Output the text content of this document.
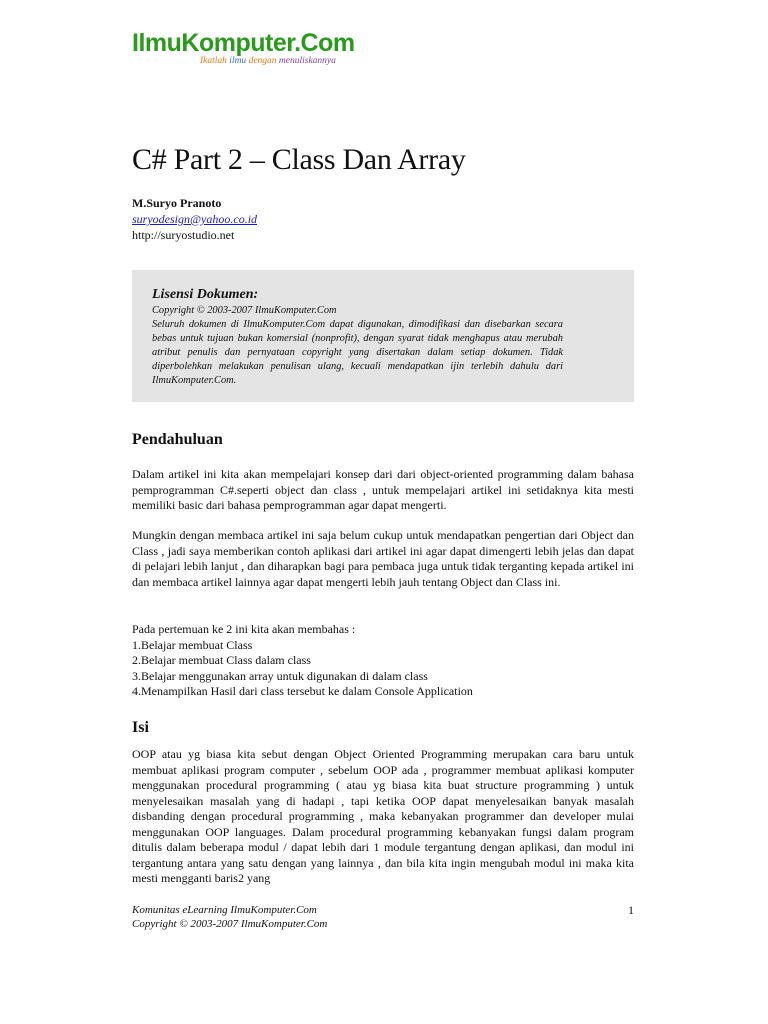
IlmuKomputer.Com
Ikatlah ilmu dengan menuliskannya
C# Part 2 – Class Dan Array
M.Suryo Pranoto
suryodesign@yahoo.co.id
http://suryostudio.net
Lisensi Dokumen:
Copyright © 2003-2007 IlmuKomputer.Com
Seluruh dokumen di IlmuKomputer.Com dapat digunakan, dimodifikasi dan disebarkan secara bebas untuk tujuan bukan komersial (nonprofit), dengan syarat tidak menghapus atau merubah atribut penulis dan pernyataan copyright yang disertakan dalam setiap dokumen. Tidak diperbolehkan melakukan penulisan ulang, kecuali mendapatkan ijin terlebih dahulu dari IlmuKomputer.Com.
Pendahuluan

Dalam artikel ini kita akan mempelajari konsep dari dari object-oriented programming dalam bahasa pemprogramman C#.seperti object dan class , untuk mempelajari artikel ini setidaknya kita mesti memiliki basic dari bahasa pemprogramman agar dapat mengerti.

Mungkin dengan membaca artikel ini saja belum cukup untuk mendapatkan pengertian dari Object dan Class , jadi saya memberikan contoh aplikasi dari artikel ini agar dapat dimengerti lebih jelas dan dapat di pelajari lebih lanjut , dan diharapkan bagi para pembaca juga untuk tidak terganting kepada artikel ini dan membaca artikel lainnya agar dapat mengerti lebih jauh tentang Object dan Class ini.

Pada pertemuan ke 2 ini kita akan membahas :
1.Belajar membuat Class
2.Belajar membuat Class dalam class
3.Belajar menggunakan array untuk digunakan di dalam class
4.Menampilkan Hasil dari class tersebut ke dalam Console Application
Isi

OOP atau yg biasa kita sebut dengan Object Oriented Programming merupakan cara baru untuk membuat aplikasi program computer , sebelum OOP ada , programmer membuat aplikasi komputer menggunakan procedural programming ( atau yg biasa kita buat structure programming ) untuk menyelesaikan masalah yang di hadapi , tapi ketika OOP dapat menyelesaikan banyak masalah disbanding dengan procedural programming , maka kebanyakan programmer dan developer mulai menggunakan OOP languages. Dalam procedural programming kebanyakan fungsi dalam program ditulis dalam beberapa modul / dapat lebih dari 1 module tergantung dengan aplikasi, dan modul ini tergantung antara yang satu dengan yang lainnya , dan bila kita ingin mengubah modul ini maka kita mesti mengganti baris2 yang

Komunitas eLearning IlmuKomputer.Com
Copyright © 2003-2007 IlmuKomputer.Com
1
